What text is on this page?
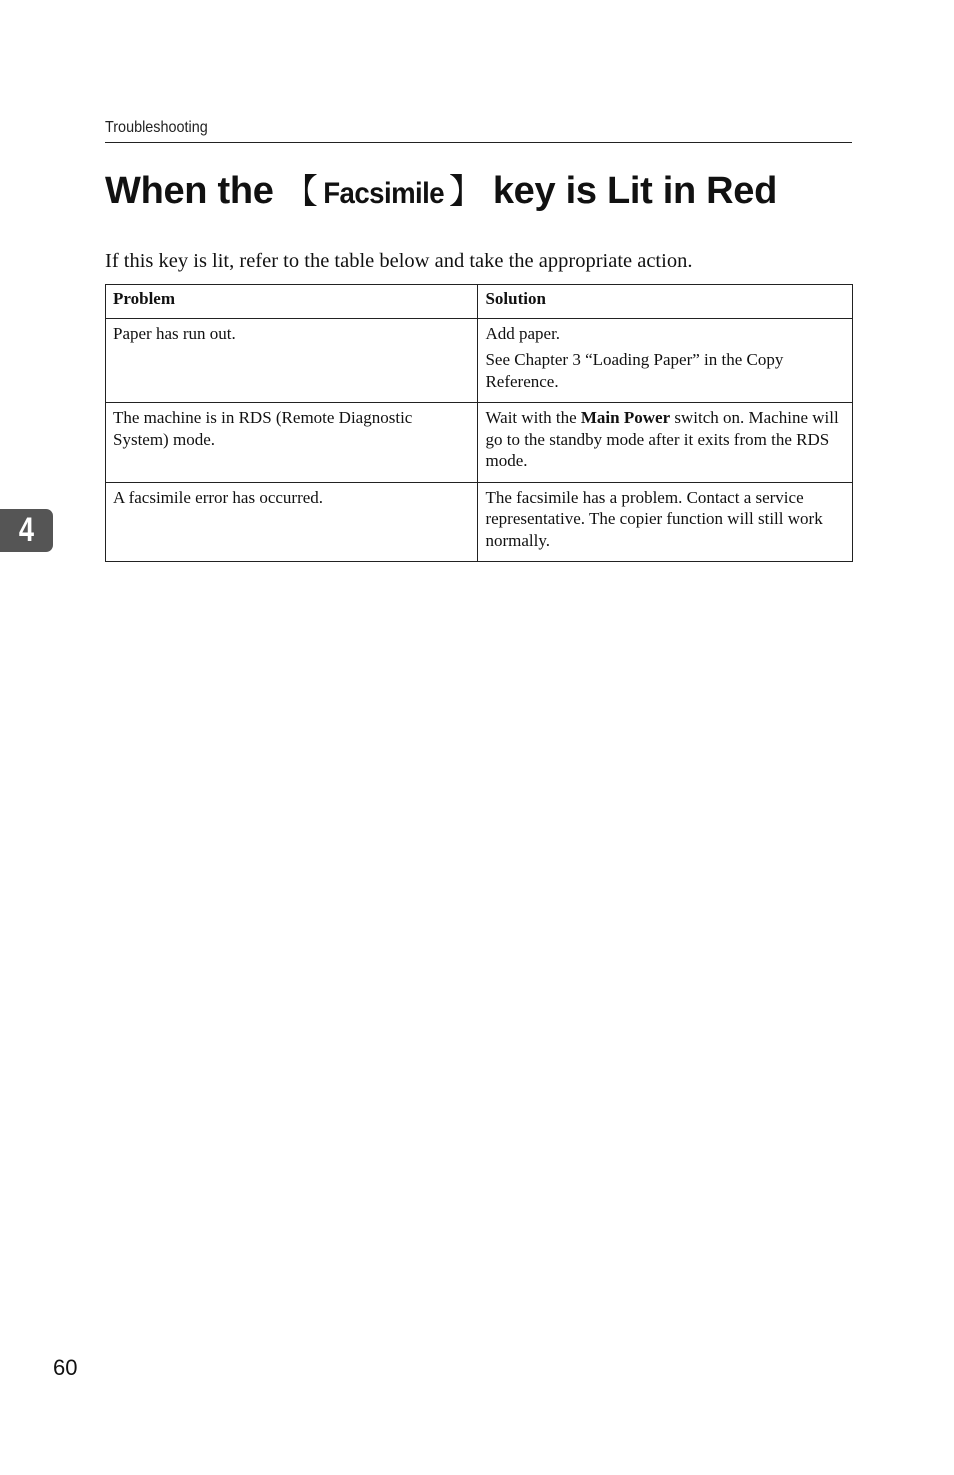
Troubleshooting
When the 【 Facsimile 】 key is Lit in Red

If this key is lit, refer to the table below and take the appropriate action.

Problem	Solution
Paper has run out.	Add paper.

See Chapter 3 “Loading Paper” in the Copy Reference.

The machine is in RDS (Remote Diagnostic System) mode.	Wait with the Main Power switch on. Machine will go to the standby mode after it exits from the RDS mode.
A facsimile error has occurred.	The facsimile has a problem. Contact a service representative. The copier function will still work normally.

4
60
